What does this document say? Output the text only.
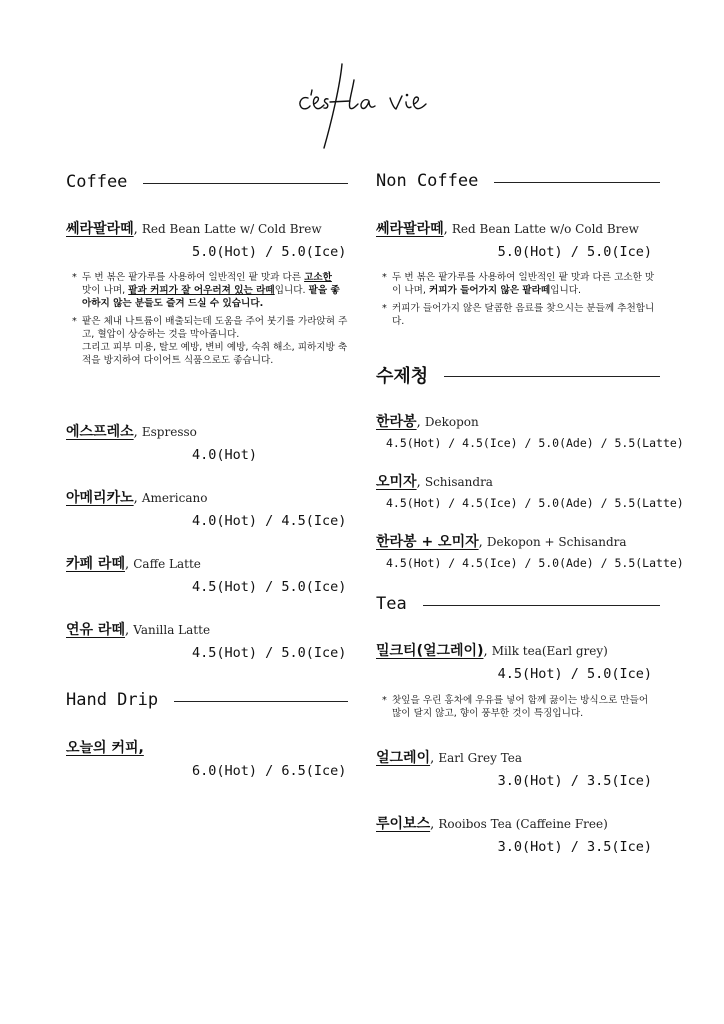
Coffee
쎄라팔라떼, Red Bean Latte w/ Cold Brew
5.0(Hot) / 5.0(Ice)

* 두 번 볶은 팥가루를 사용하여 일반적인 팥 맛과 다른 고소한
맛이 나며, 팥과 커피가 잘 어우러져 있는 라떼입니다. 팥을 좋아하지 않는 분들도 즐겨 드실 수 있습니다.

* 팥은 체내 나트륨이 배출되는데 도움을 주어 붓기를 가라앉혀 주고, 혈압이 상승하는 것을 막아줍니다.

그리고 피부 미용, 탈모 예방, 변비 예방, 숙취 해소, 피하지방 축적을 방지하여 다이어트 식품으로도 좋습니다.

에스프레소, Espresso
4.0(Hot)
아메리카노, Americano
4.0(Hot) / 4.5(Ice)
카페 라떼, Caffe Latte
4.5(Hot) / 5.0(Ice)
연유 라떼, Vanilla Latte
4.5(Hot) / 5.0(Ice)
Hand Drip
오늘의 커피,
6.0(Hot) / 6.5(Ice)
Non Coffee
쎄라팔라떼, Red Bean Latte w/o Cold Brew
5.0(Hot) / 5.0(Ice)

* 두 번 볶은 팥가루를 사용하여 일반적인 팥 맛과 다른 고소한 맛이 나며, 커피가 들어가지 않은 팥라떼입니다.

* 커피가 들어가지 않은 달콤한 음료를 찾으시는 분들께 추천합니다.

수제청
한라봉, Dekopon
4.5(Hot) / 4.5(Ice) / 5.0(Ade) / 5.5(Latte)
오미자, Schisandra
4.5(Hot) / 4.5(Ice) / 5.0(Ade) / 5.5(Latte)
한라봉 + 오미자, Dekopon + Schisandra
4.5(Hot) / 4.5(Ice) / 5.0(Ade) / 5.5(Latte)
Tea
밀크티(얼그레이), Milk tea(Earl grey)
4.5(Hot) / 5.0(Ice)

* 찻잎을 우린 홍차에 우유를 넣어 함께 끓이는 방식으로 만들어 많이 달지 않고, 향이 풍부한 것이 특징입니다.

얼그레이, Earl Grey Tea
3.0(Hot) / 3.5(Ice)
루이보스, Rooibos Tea (Caffeine Free)
3.0(Hot) / 3.5(Ice)
